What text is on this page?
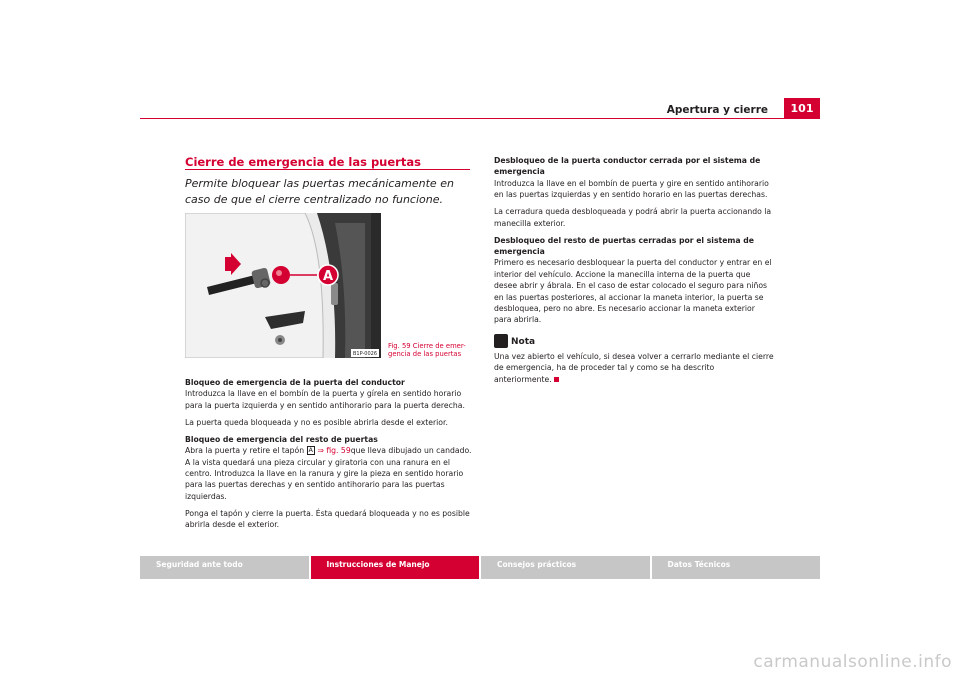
Apertura y cierre	101
Cierre de emergencia de las puertas
Permite bloquear las puertas mecánicamente en caso de que el cierre centralizado no funcione.
A
B1P-0026
Fig. 59 Cierre de emer-gencia de las puertas
Bloqueo de emergencia de la puerta del conductor

Introduzca la llave en el bombín de la puerta y gírela en sentido horario para la puerta izquierda y en sentido antihorario para la puerta derecha.

La puerta queda bloqueada y no es posible abrirla desde el exterior.

Bloqueo de emergencia del resto de puertas

Abra la puerta y retire el tapón A ⇒ fig. 59que lleva dibujado un candado. A la vista quedará una pieza circular y giratoria con una ranura en el centro. Introduzca la llave en la ranura y gire la pieza en sentido horario para las puertas derechas y en sentido antihorario para las puertas izquierdas.

Ponga el tapón y cierre la puerta. Ésta quedará bloqueada y no es posible abrirla desde el exterior.

Desbloqueo de la puerta conductor cerrada por el sistema de emergencia

Introduzca la llave en el bombín de puerta y gire en sentido antihorario en las puertas izquierdas y en sentido horario en las puertas derechas.

La cerradura queda desbloqueada y podrá abrir la puerta accionando la manecilla exterior.

Desbloqueo del resto de puertas cerradas por el sistema de emergencia

Primero es necesario desbloquear la puerta del conductor y entrar en el interior del vehículo. Accione la manecilla interna de la puerta que desee abrir y ábrala. En el caso de estar colocado el seguro para niños en las puertas posteriores, al accionar la maneta interior, la puerta se desbloquea, pero no abre. Es necesario accionar la maneta exterior para abrirla.

Nota

Una vez abierto el vehículo, si desea volver a cerrarlo mediante el cierre de emergencia, ha de proceder tal y como se ha descrito anteriormente.

Seguridad ante todo	Instrucciones de Manejo	Consejos prácticos	Datos Técnicos
carmanualsonline.info
